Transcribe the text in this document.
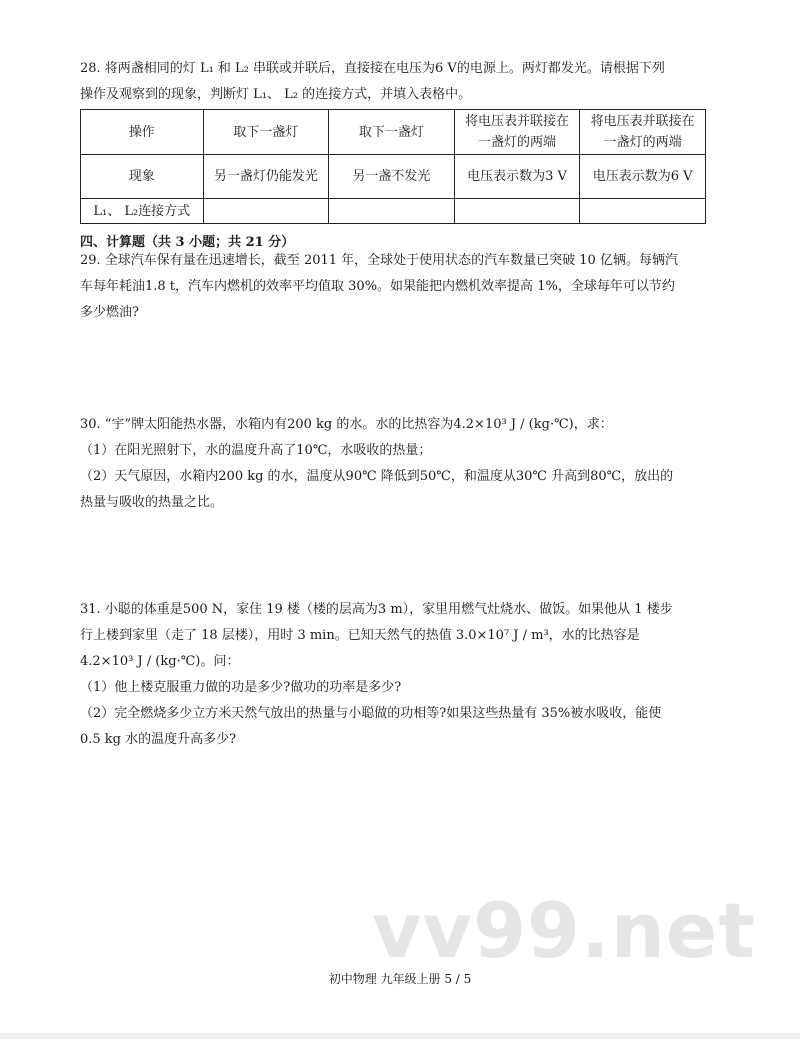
28. 将两盏相同的灯 L₁ 和 L₂ 串联或并联后，直接接在电压为6 V的电源上。两灯都发光。请根据下列

操作及观察到的现象，判断灯 L₁、 L₂ 的连接方式，并填入表格中。

操作	取下一盏灯	取下一盏灯	将电压表并联接在一盏灯的两端	将电压表并联接在一盏灯的两端
现象	另一盏灯仍能发光	另一盏不发光	电压表示数为3 V	电压表示数为6 V
L₁、 L₂连接方式				
四、计算题（共 3 小题；共 21 分）

29. 全球汽车保有量在迅速增长，截至 2011 年，全球处于使用状态的汽车数量已突破 10 亿辆。每辆汽

车每年耗油1.8 t，汽车内燃机的效率平均值取 30%。如果能把内燃机效率提高 1%，全球每年可以节约

多少燃油?

30. “宇”牌太阳能热水器，水箱内有200 kg 的水。水的比热容为4.2×10³ J / (kg·℃)，求：

（1）在阳光照射下，水的温度升高了10℃，水吸收的热量；

（2）天气原因，水箱内200 kg 的水，温度从90℃ 降低到50℃，和温度从30℃ 升高到80℃，放出的

热量与吸收的热量之比。

31. 小聪的体重是500 N，家住 19 楼（楼的层高为3 m），家里用燃气灶烧水、做饭。如果他从 1 楼步

行上楼到家里（走了 18 层楼），用时 3 min。已知天然气的热值 3.0×10⁷ J / m³，水的比热容是

4.2×10³ J / (kg·℃)。问：

（1）他上楼克服重力做的功是多少?做功的功率是多少?

（2）完全燃烧多少立方米天然气放出的热量与小聪做的功相等?如果这些热量有 35%被水吸收，能使

0.5 kg 水的温度升高多少?

vv99.net
初中物理 九年级上册 5 / 5
